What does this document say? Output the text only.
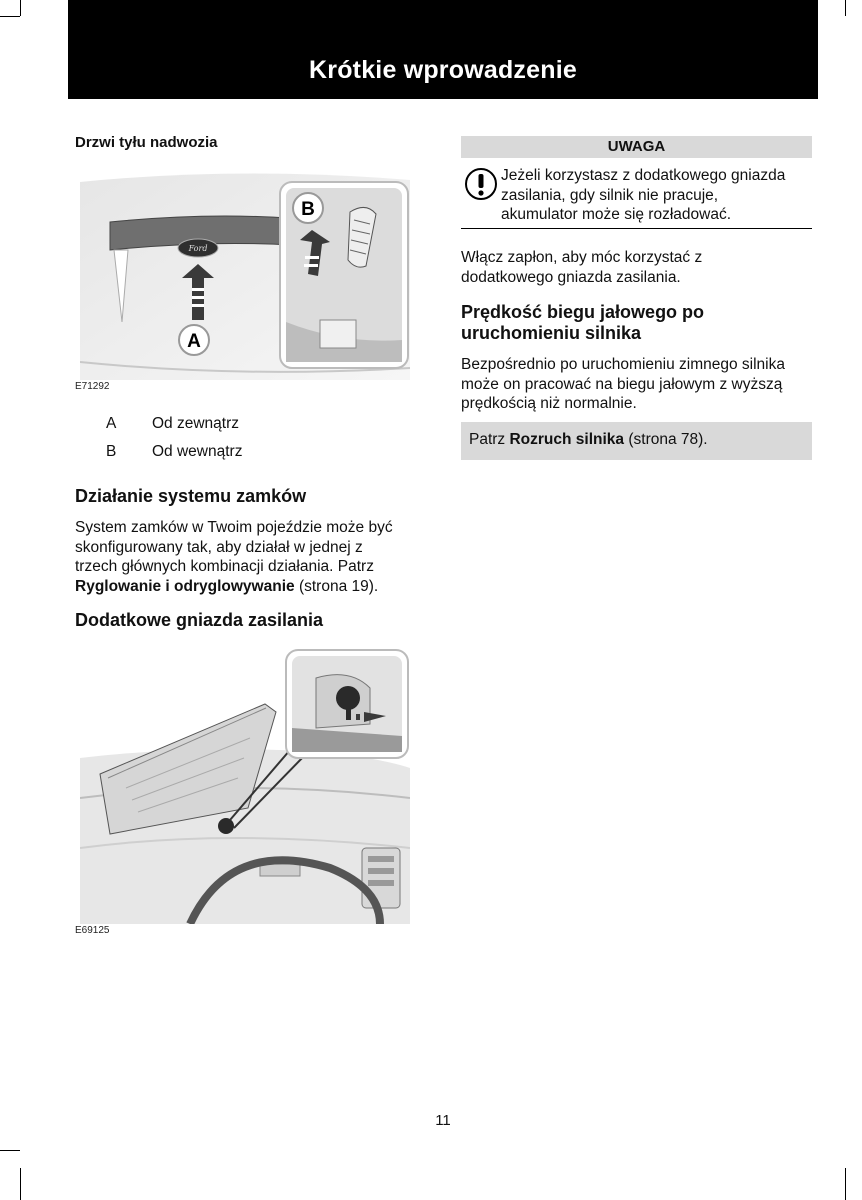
Krótkie wprowadzenie
Drzwi tyłu nadwozia
Ford
A
B
E71292
A Od zewnątrz
B Od wewnątrz
Działanie systemu zamków

System zamków w Twoim pojeździe może być
skonfigurowany tak, aby działał w jednej z
trzech głównych kombinacji działania. Patrz
Ryglowanie i odryglowywanie (strona 19).

Dodatkowe gniazda zasilania
E69125
UWAGA

Jeżeli korzystasz z dodatkowego gniazda
zasilania, gdy silnik nie pracuje,
akumulator może się rozładować.

Włącz zapłon, aby móc korzystać z
dodatkowego gniazda zasilania.

Prędkość biegu jałowego po
uruchomieniu silnika

Bezpośrednio po uruchomieniu zimnego silnika
może on pracować na biegu jałowym z wyższą
prędkością niż normalnie.

Patrz Rozruch silnika (strona 78).
11
